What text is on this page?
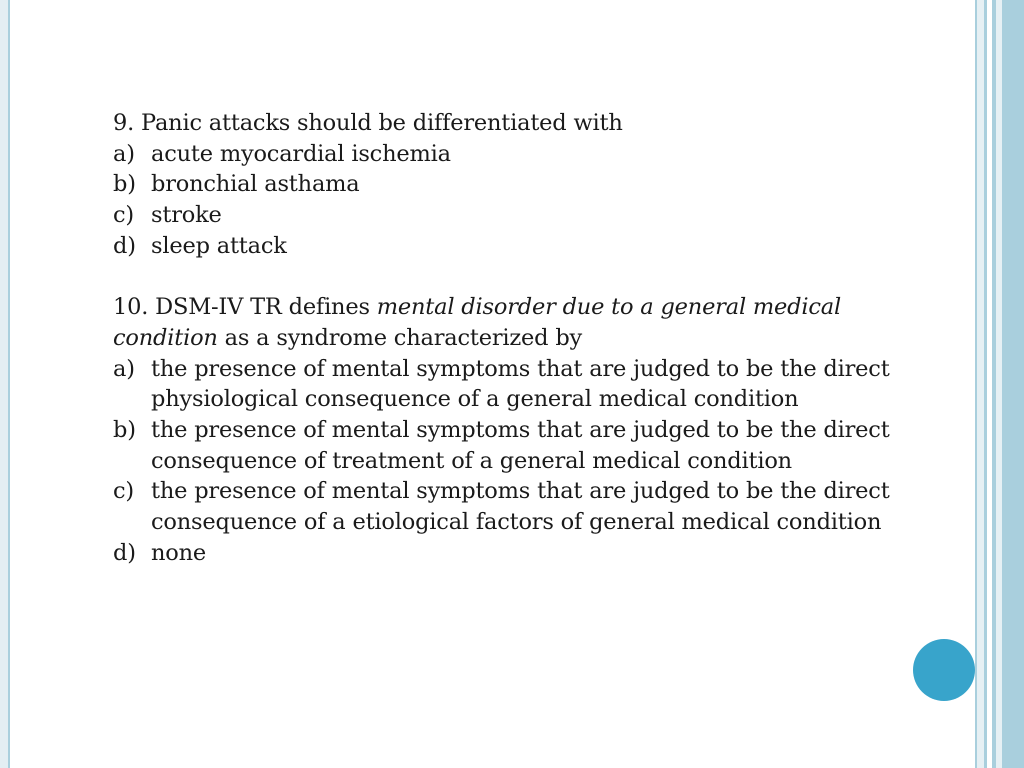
9. Panic attacks should be differentiated with

a) acute myocardial ischemia
b) bronchial asthama
c) stroke
d) sleep attack

10. DSM-IV TR defines mental disorder due to a general medical condition as a syndrome characterized by

a) the presence of mental symptoms that are judged to be the direct physiological consequence of a general medical condition
b) the presence of mental symptoms that are judged to be the direct consequence of treatment of a general medical condition
c) the presence of mental symptoms that are judged to be the direct consequence of a etiological factors of general medical condition
d) none
